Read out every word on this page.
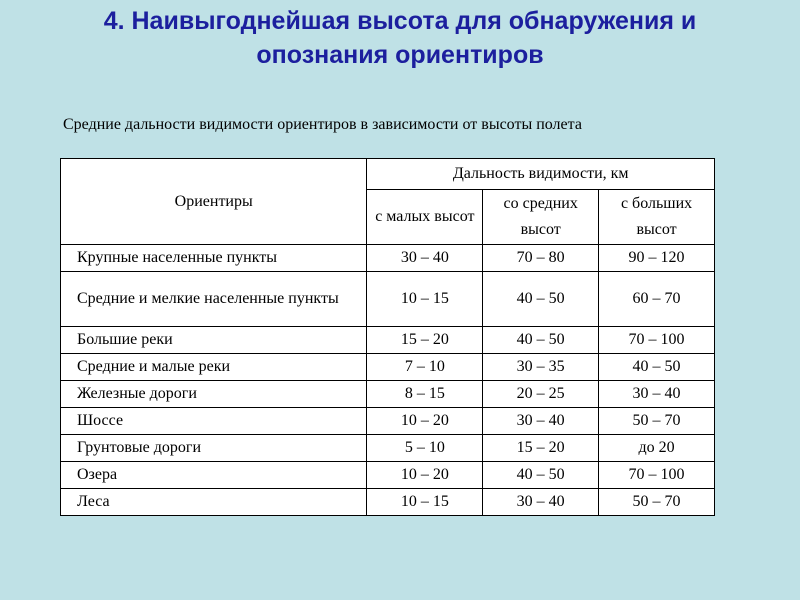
4. Наивыгоднейшая высота для обнаружения и
опознания ориентиров
Средние дальности видимости ориентиров в зависимости от высоты полета
Ориентиры	Дальность видимости, км		
	с малых высот	со средних высот	с больших высот
Крупные населенные пункты	30 – 40	70 – 80	90 – 120
Средние и мелкие населенные пункты	10 – 15	40 – 50	60 – 70
Большие реки	15 – 20	40 – 50	70 – 100
Средние и малые реки	7 – 10	30 – 35	40 – 50
Железные дороги	8 – 15	20 – 25	30 – 40
Шоссе	10 – 20	30 – 40	50 – 70
Грунтовые дороги	5 – 10	15 – 20	до 20
Озера	10 – 20	40 – 50	70 – 100
Леса	10 – 15	30 – 40	50 – 70
